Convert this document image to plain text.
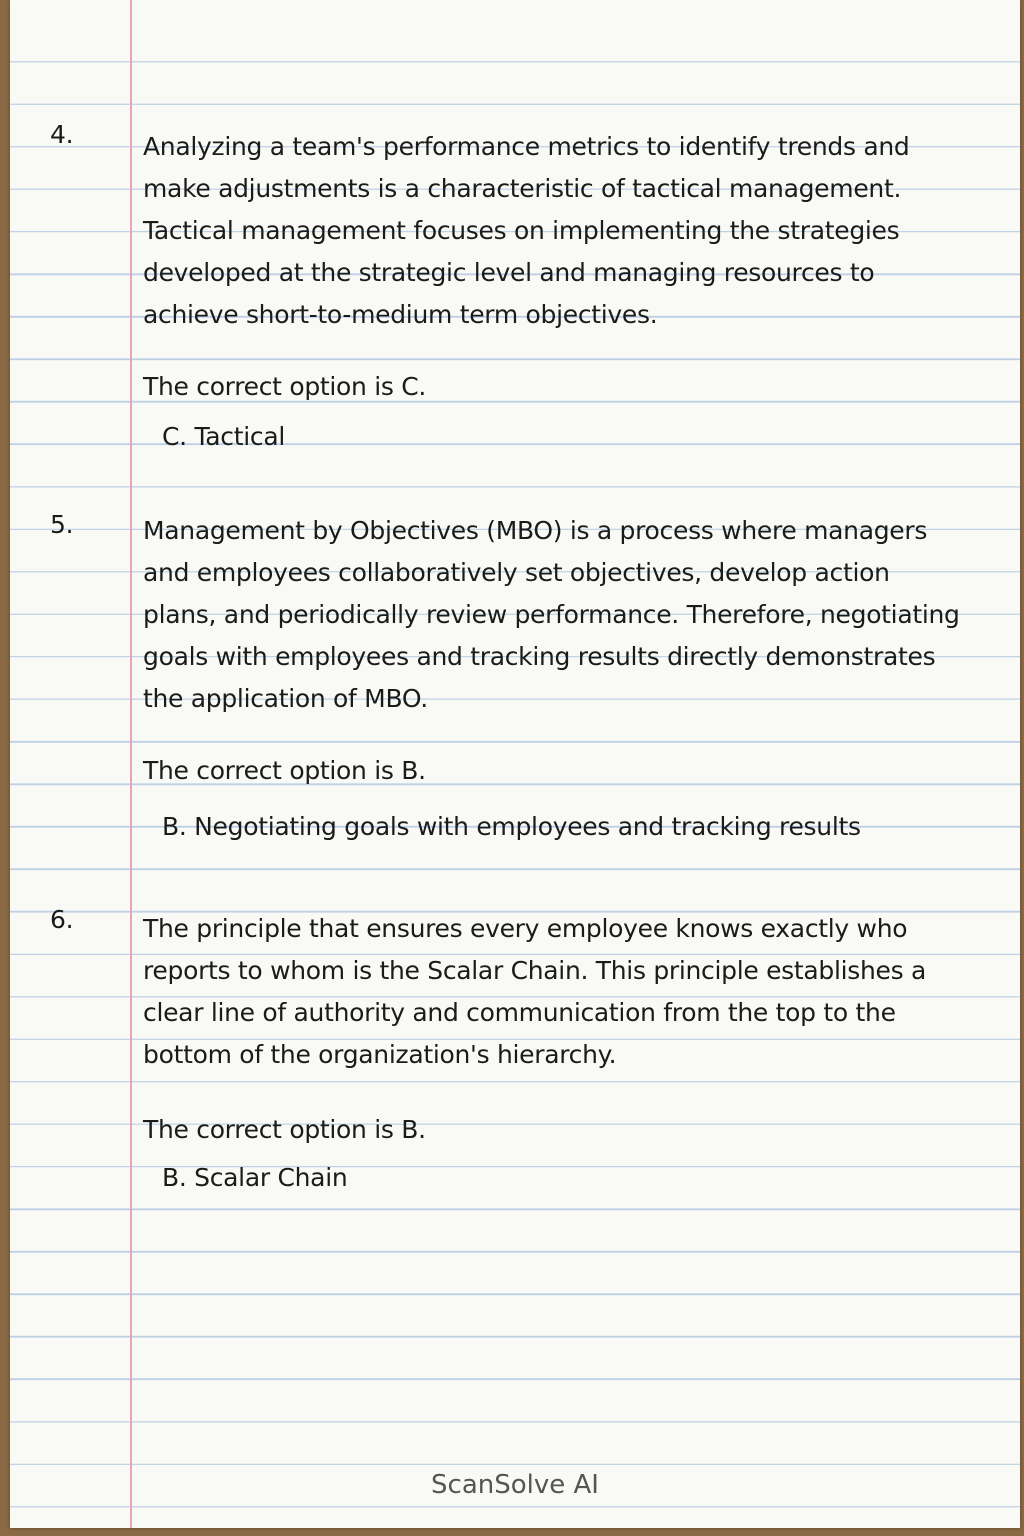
4.	Analyzing a team's performance metrics to identify trends and make adjustments is a characteristic of tactical management. Tactical management focuses on implementing the strategies developed at the strategic level and managing resources to achieve short-to-medium term objectives.

The correct option is C.

C. Tactical

5.	Management by Objectives (MBO) is a process where managers and employees collaboratively set objectives, develop action plans, and periodically review performance. Therefore, negotiating goals with employees and tracking results directly demonstrates the application of MBO.

The correct option is B.

B. Negotiating goals with employees and tracking results

6.	The principle that ensures every employee knows exactly who reports to whom is the Scalar Chain. This principle establishes a clear line of authority and communication from the top to the bottom of the organization's hierarchy.

The correct option is B.

B. Scalar Chain

ScanSolve AI
